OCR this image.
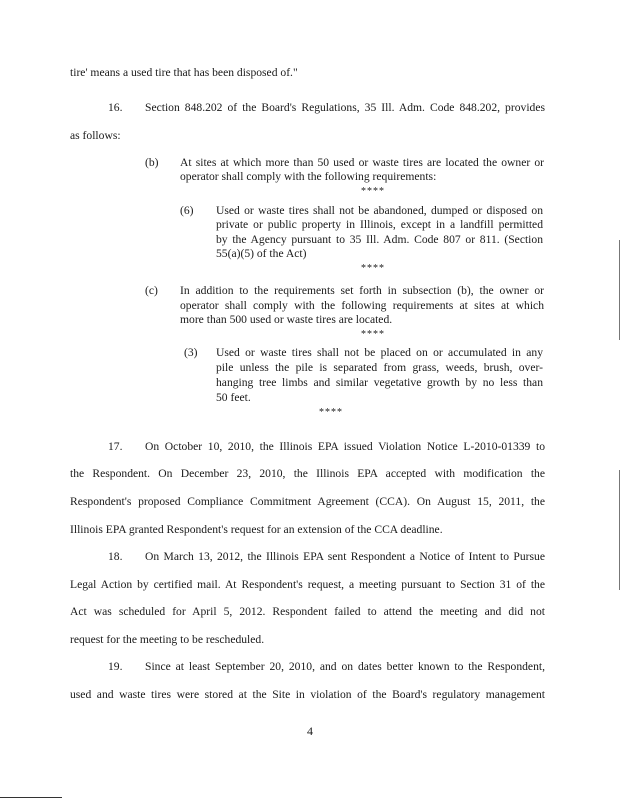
tire' means a used tire that has been disposed of."
16. Section 848.202 of the Board's Regulations, 35 Ill. Adm. Code 848.202, provides
as follows:
(b) At sites at which more than 50 used or waste tires are located the owner or
operator shall comply with the following requirements:
****
(6) Used or waste tires shall not be abandoned, dumped or disposed on
private or public property in Illinois, except in a landfill permitted
by the Agency pursuant to 35 Ill. Adm. Code 807 or 811. (Section
55(a)(5) of the Act)
****
(c) In addition to the requirements set forth in subsection (b), the owner or
operator shall comply with the following requirements at sites at which
more than 500 used or waste tires are located.
****
(3) Used or waste tires shall not be placed on or accumulated in any
pile unless the pile is separated from grass, weeds, brush, over-
hanging tree limbs and similar vegetative growth by no less than
50 feet.
****
17. On October 10, 2010, the Illinois EPA issued Violation Notice L-2010-01339 to
the Respondent. On December 23, 2010, the Illinois EPA accepted with modification the
Respondent's proposed Compliance Commitment Agreement (CCA). On August 15, 2011, the
Illinois EPA granted Respondent's request for an extension of the CCA deadline.
18. On March 13, 2012, the Illinois EPA sent Respondent a Notice of Intent to Pursue
Legal Action by certified mail. At Respondent's request, a meeting pursuant to Section 31 of the
Act was scheduled for April 5, 2012. Respondent failed to attend the meeting and did not
request for the meeting to be rescheduled.
19. Since at least September 20, 2010, and on dates better known to the Respondent,
used and waste tires were stored at the Site in violation of the Board's regulatory management
4
